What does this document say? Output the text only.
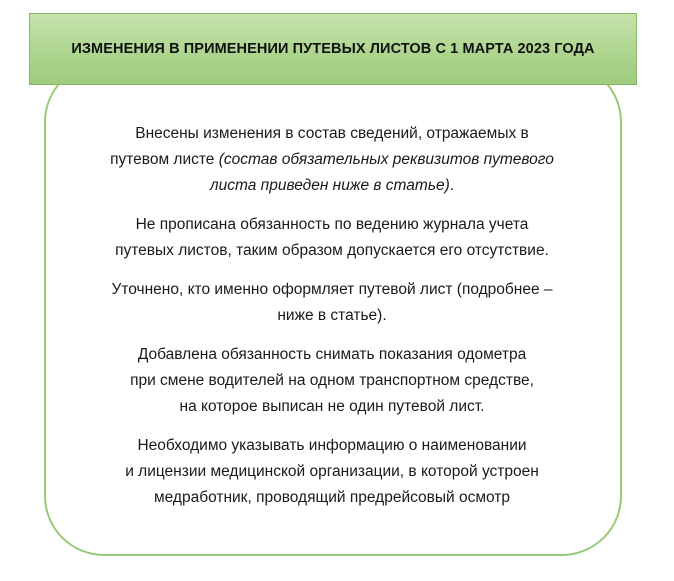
ИЗМЕНЕНИЯ В ПРИМЕНЕНИИ ПУТЕВЫХ ЛИСТОВ С 1 МАРТА 2023 ГОДА

Внесены изменения в состав сведений, отражаемых в
путевом листе (состав обязательных реквизитов путевого
листа приведен ниже в статье).

Не прописана обязанность по ведению журнала учета
путевых листов, таким образом допускается его отсутствие.

Уточнено, кто именно оформляет путевой лист (подробнее –
ниже в статье).

Добавлена обязанность снимать показания одометра
при смене водителей на одном транспортном средстве,
на которое выписан не один путевой лист.

Необходимо указывать информацию о наименовании
и лицензии медицинской организации, в которой устроен
медработник, проводящий предрейсовый осмотр
